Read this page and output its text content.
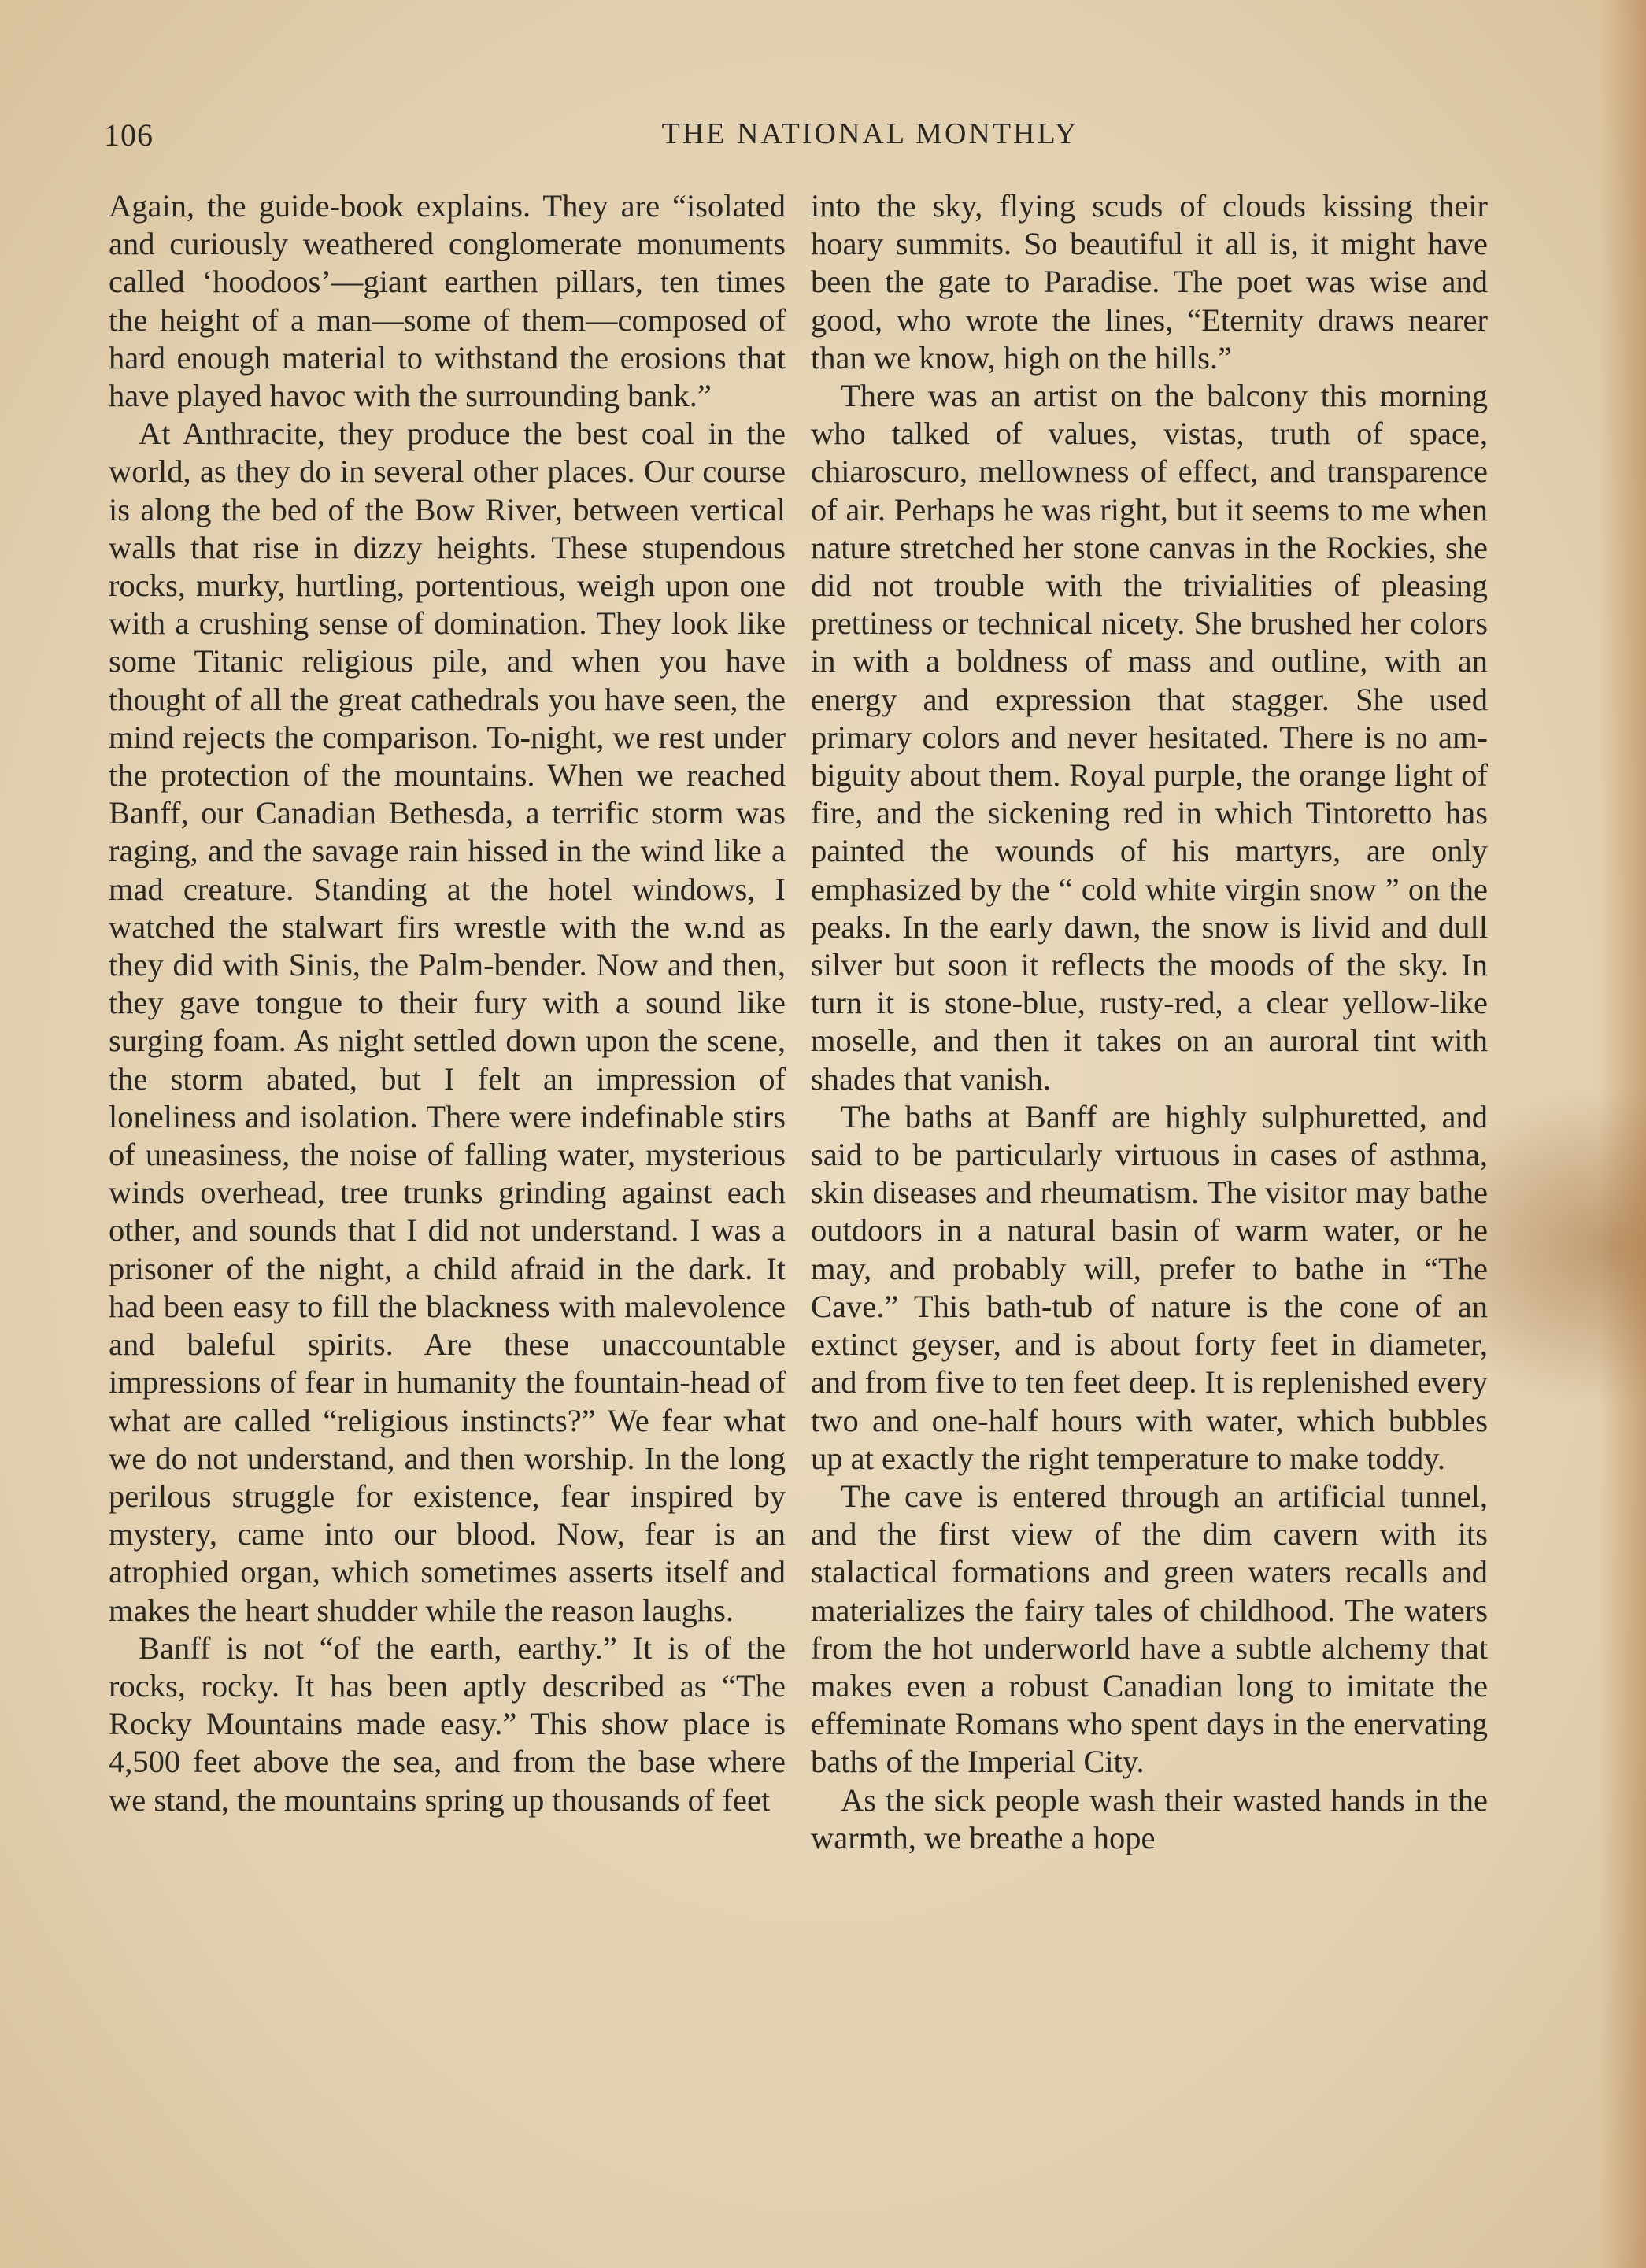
106	THE NATIONAL MONTHLY

Again, the guide-book explains. They are “isolated and curiously weathered conglomerate monuments called ‘hoodoos’—giant earthen pillars, ten times the height of a man—some of them—composed of hard enough material to withstand the erosions that have played havoc with the surrounding bank.”

At Anthracite, they produce the best coal in the world, as they do in several other places. Our course is along the bed of the Bow River, between vertical walls that rise in dizzy heights. These stupendous rocks, murky, hurtling, portentious, weigh upon one with a crushing sense of domination. They look like some Titanic religious pile, and when you have thought of all the great cathedrals you have seen, the mind rejects the comparison. To-night, we rest under the protection of the mountains. When we reached Banff, our Canadian Bethesda, a terrific storm was raging, and the savage rain hissed in the wind like a mad creature. Standing at the hotel windows, I watched the stalwart firs wrestle with the w.nd as they did with Sinis, the Palm-bender. Now and then, they gave tongue to their fury with a sound like surging foam. As night settled down upon the scene, the storm abated, but I felt an impression of loneliness and isolation. There were indefinable stirs of uneasiness, the noise of falling water, mysterious winds overhead, tree trunks grinding against each other, and sounds that I did not understand. I was a prisoner of the night, a child afraid in the dark. It had been easy to fill the blackness with malevolence and baleful spirits. Are these unaccountable impressions of fear in humanity the fountain-head of what are called “religious instincts?” We fear what we do not understand, and then worship. In the long perilous struggle for existence, fear inspired by mystery, came into our blood. Now, fear is an atrophied organ, which sometimes asserts itself and makes the heart shudder while the reason laughs.

Banff is not “of the earth, earthy.” It is of the rocks, rocky. It has been aptly described as “The Rocky Mountains made easy.” This show place is 4,500 feet above the sea, and from the base where we stand, the mountains spring up thousands of feet

into the sky, flying scuds of clouds kissing their hoary summits. So beautiful it all is, it might have been the gate to Paradise. The poet was wise and good, who wrote the lines, “Eternity draws nearer than we know, high on the hills.”

There was an artist on the balcony this morning who talked of values, vistas, truth of space, chiaroscuro, mellowness of effect, and transparence of air. Perhaps he was right, but it seems to me when nature stretched her stone canvas in the Rockies, she did not trouble with the trivialities of pleasing prettiness or technical nicety. She brushed her colors in with a boldness of mass and outline, with an energy and expression that stagger. She used primary colors and never hesitated. There is no ambiguity about them. Royal purple, the orange light of fire, and the sickening red in which Tintoretto has painted the wounds of his martyrs, are only emphasized by the “ cold white virgin snow ” on the peaks. In the early dawn, the snow is livid and dull silver but soon it reflects the moods of the sky. In turn it is stone-blue, rusty-red, a clear yellow-like moselle, and then it takes on an auroral tint with shades that vanish.

The baths at Banff are highly sulphuretted, and said to be particularly virtuous in cases of asthma, skin diseases and rheumatism. The visitor may bathe outdoors in a natural basin of warm water, or he may, and probably will, prefer to bathe in “The Cave.” This bath-tub of nature is the cone of an extinct geyser, and is about forty feet in diameter, and from five to ten feet deep. It is replenished every two and one-half hours with water, which bubbles up at exactly the right temperature to make toddy.

The cave is entered through an artificial tunnel, and the first view of the dim cavern with its stalactical formations and green waters recalls and materializes the fairy tales of childhood. The waters from the hot underworld have a subtle alchemy that makes even a robust Canadian long to imitate the effeminate Romans who spent days in the enervating baths of the Imperial City.

As the sick people wash their wasted hands in the warmth, we breathe a hope
